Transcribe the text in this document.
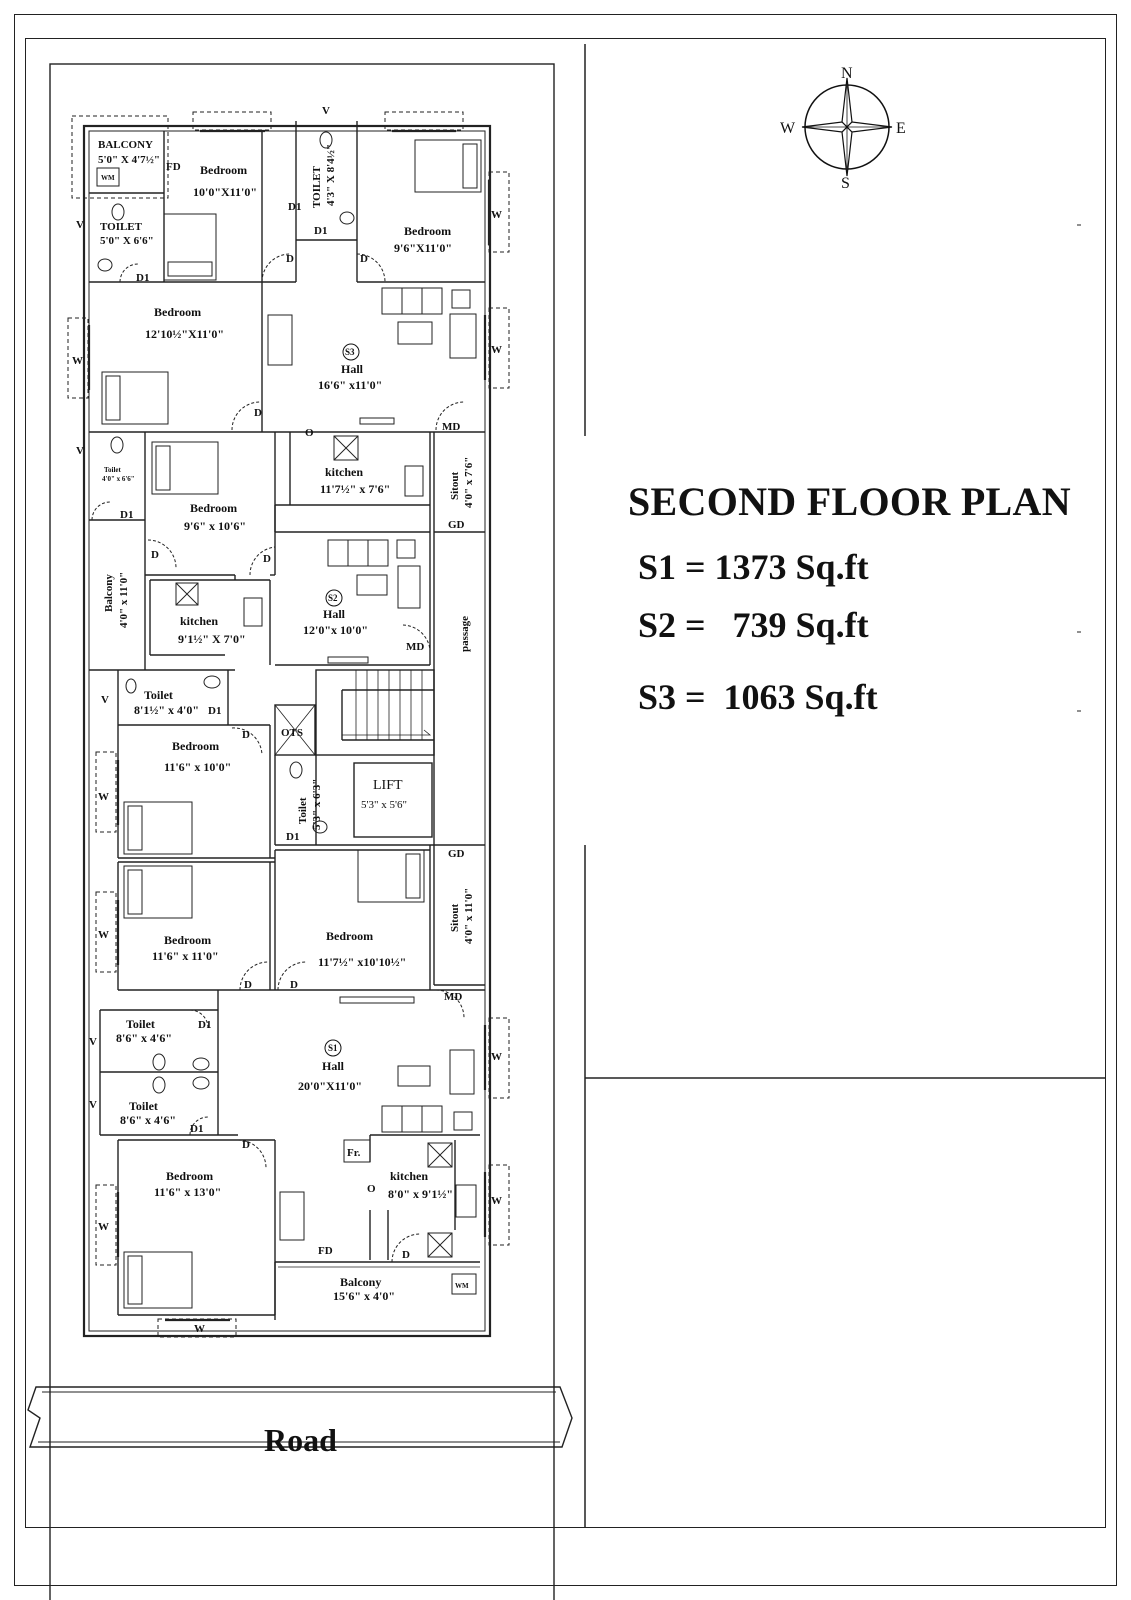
N
S
E
W
SECOND FLOOR PLAN
S1 = 1373 Sq.ft
S2 =   739 Sq.ft
S3 =  1063 Sq.ft
BALCONY
5'0" X 4'7½"
WM
FD
TOILET
5'0" X 6'6"
D1
V
Bedroom
10'0"X11'0"
D
D1
D1
V
TOILET 4'3" X 8'4½"
Bedroom
9'6"X11'0"
D
W
Bedroom
12'10½"X11'0"
W
D
S3
Hall
16'6" x11'0"
W
MD
O
V
Toilet
4'0" x 6'6"
D1	Bedroom
9'6" x 10'6"
D	D
kitchen
11'7½" x 7'6"	Sitout 4'0" x 7'6"
GD
Balcony 4'0" x 11'0"	kitchen
9'1½" X 7'0"
S2
Hall
12'0"x 10'0"
MD	passage
V	Toilet
8'1½" x 4'0" D1
D
Bedroom
11'6" x 10'0"
W
OTS
Toilet 5'3" x 6'3"
D1
LIFT
5'3" x 5'6"
GD
Bedroom
11'6" x 11'0"
W
D
Bedroom
11'7½" x10'10½"
D
Sitout 4'0" x 11'0"
MD
Toilet
8'6" x 4'6"
D1
V
Toilet
8'6" x 4'6"
D1
V
S1
Hall
20'0"X11'0"
W
Bedroom
11'6" x 13'0"
W
D
W
kitchen
8'0" x 9'1½"
Fr.
O
W
FD	D
Balcony
15'6" x 4'0"
WM
Road
